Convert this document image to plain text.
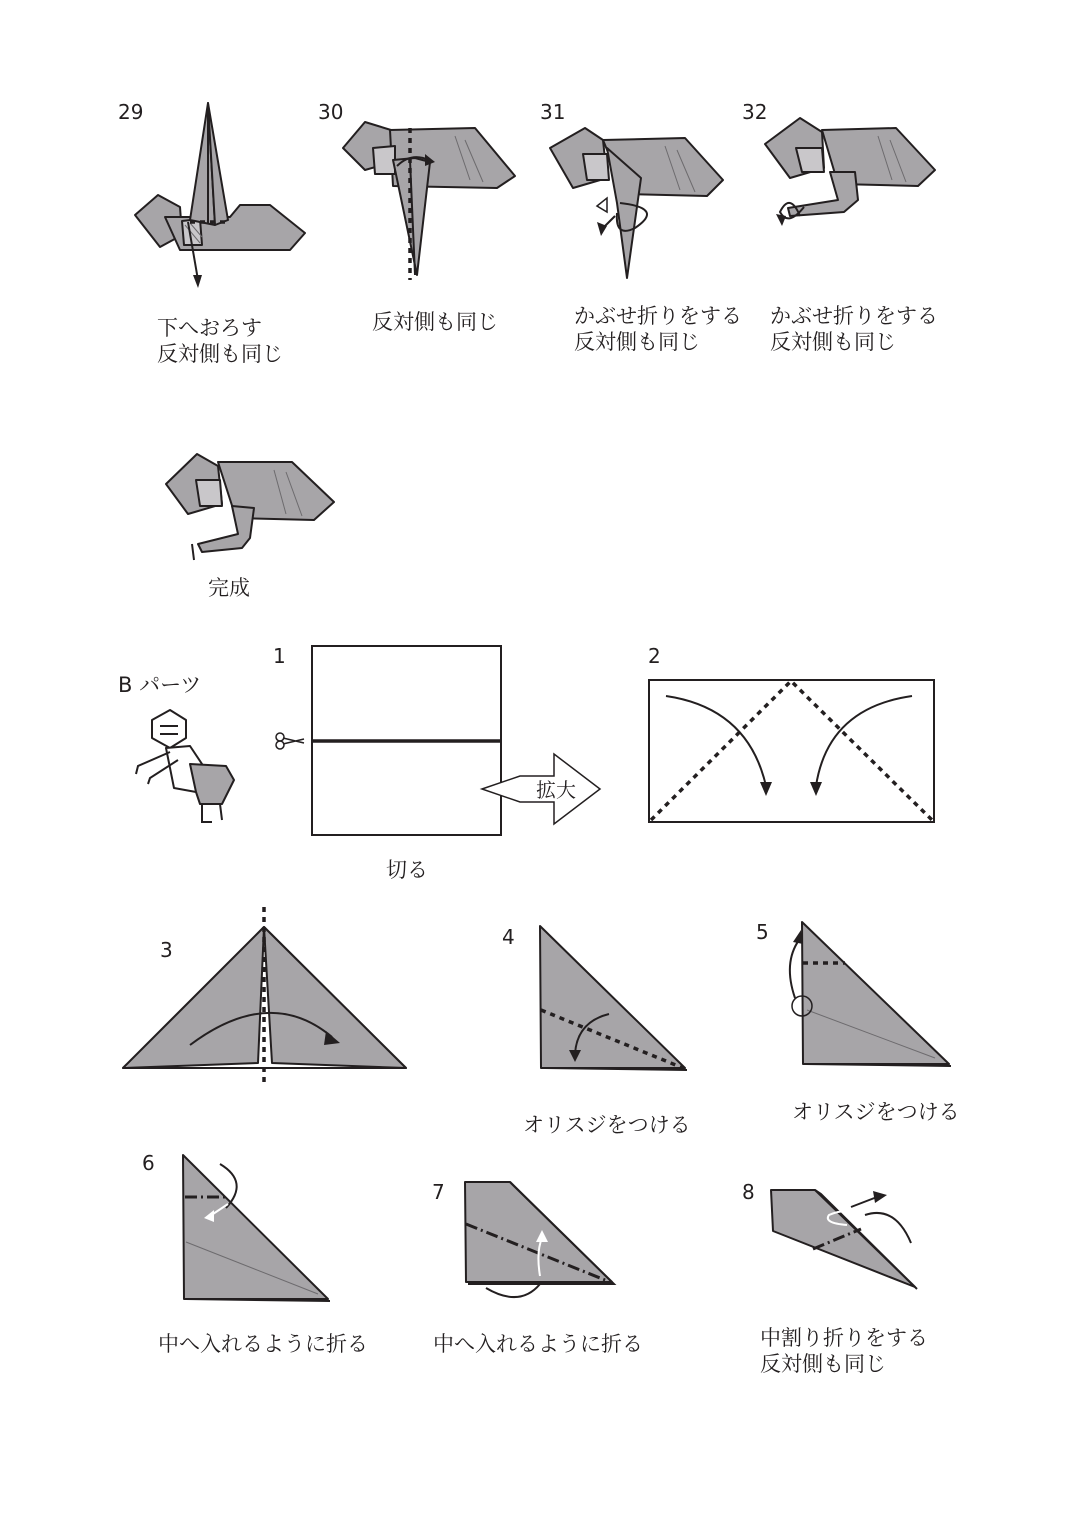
29
下へおろす
反対側も同じ
30
反対側も同じ
31
かぶせ折りをする
反対側も同じ
32
かぶせ折りをする
反対側も同じ
完成
B パーツ
1
切る
拡大
2
3
4
オリスジをつける
5
オリスジをつける
6
中へ入れるように折る
7
中へ入れるように折る
8
中割り折りをする
反対側も同じ
